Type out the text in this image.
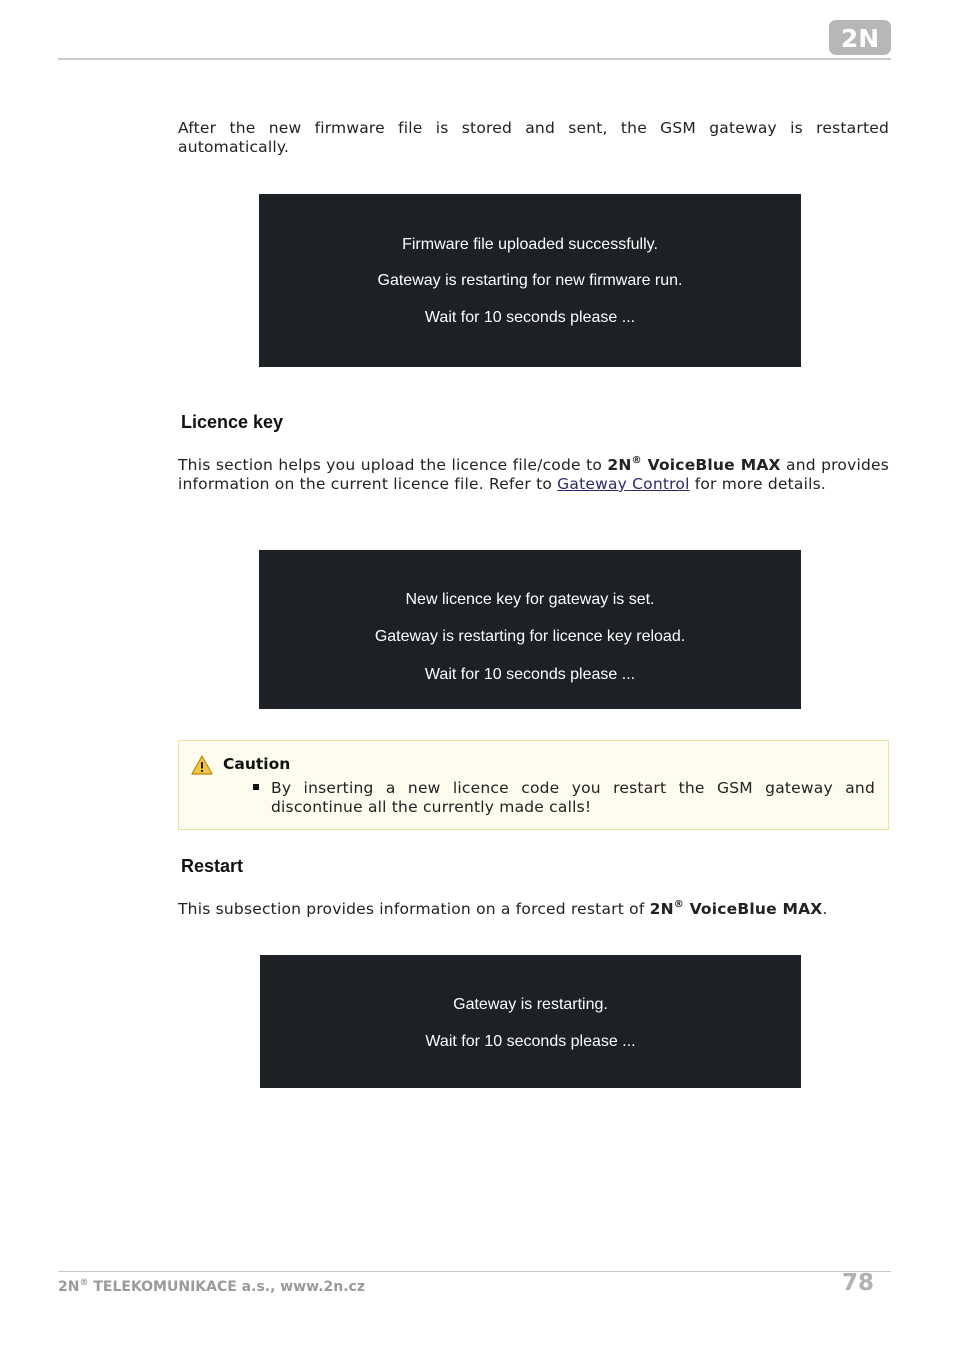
2N
After the new firmware file is stored and sent, the GSM gateway is restarted automatically.
Firmware file uploaded successfully.
Gateway is restarting for new firmware run.
Wait for 10 seconds please ...
Licence key
This section helps you upload the licence file/code to 2N® VoiceBlue MAX and provides information on the current licence file. Refer to Gateway Control for more details.
New licence key for gateway is set.
Gateway is restarting for licence key reload.
Wait for 10 seconds please ...
Caution
By inserting a new licence code you restart the GSM gateway and discontinue all the currently made calls!
Restart
This subsection provides information on a forced restart of 2N® VoiceBlue MAX.
Gateway is restarting.
Wait for 10 seconds please ...
2N® TELEKOMUNIKACE a.s., www.2n.cz	78
